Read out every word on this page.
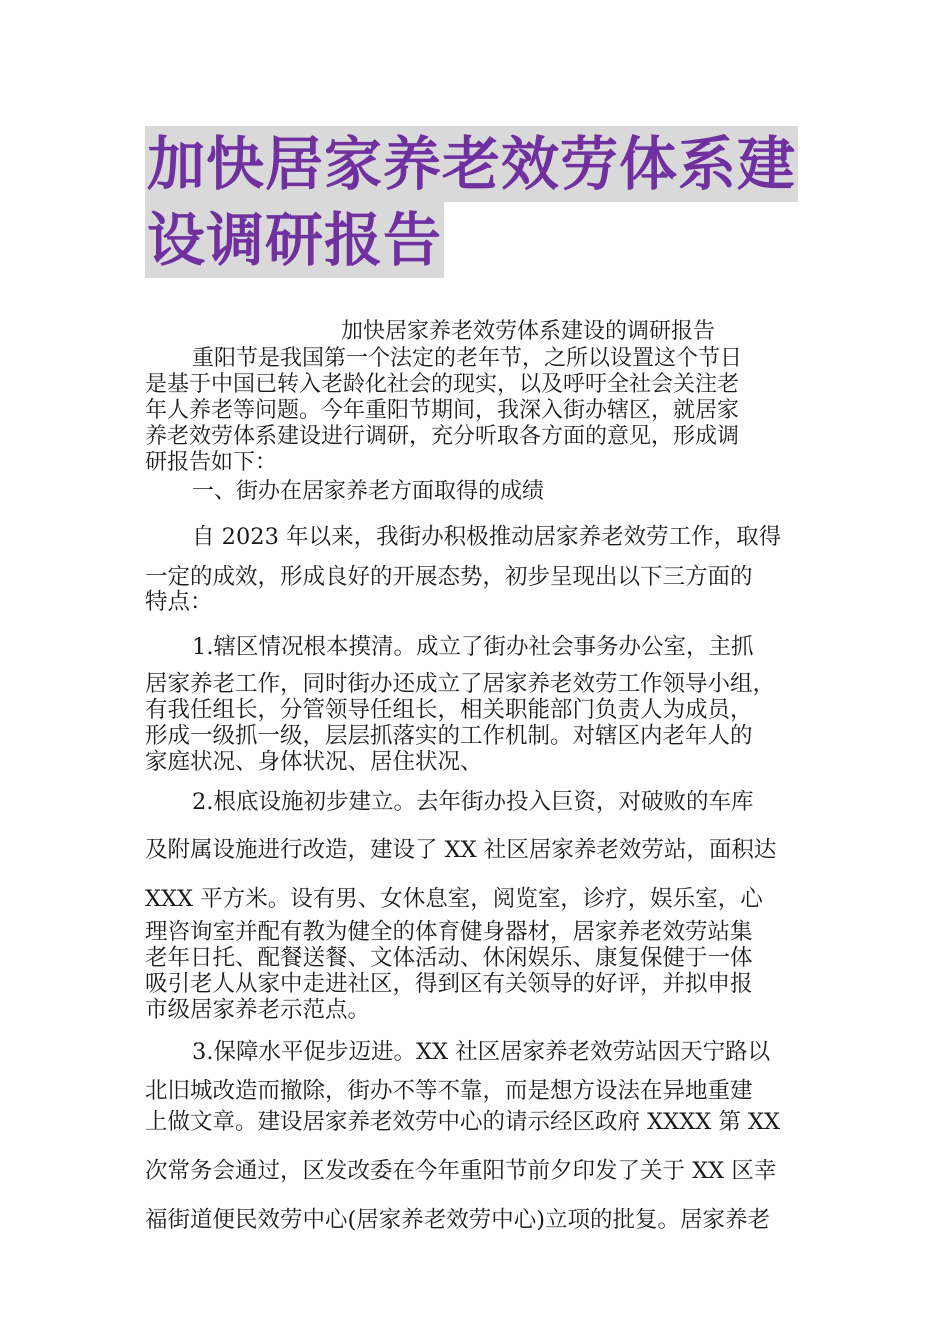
加快居家养老效劳体系建
设调研报告

加快居家养老效劳体系建设的调研报告

重阳节是我国第一个法定的老年节，之所以设置这个节日
是基于中国已转入老龄化社会的现实，以及呼吁全社会关注老
年人养老等问题。今年重阳节期间，我深入街办辖区，就居家
养老效劳体系建设进行调研，充分听取各方面的意见，形成调
研报告如下：

一、街办在居家养老方面取得的成绩

自 2023 年以来，我街办积极推动居家养老效劳工作，取得
一定的成效，形成良好的开展态势，初步呈现出以下三方面的
特点：

1.辖区情况根本摸清。成立了街办社会事务办公室，主抓
居家养老工作，同时街办还成立了居家养老效劳工作领导小组，
有我任组长，分管领导任组长，相关职能部门负责人为成员，
形成一级抓一级，层层抓落实的工作机制。对辖区内老年人的
家庭状况、身体状况、居住状况、

2.根底设施初步建立。去年街办投入巨资，对破败的车库
及附属设施进行改造，建设了 XX 社区居家养老效劳站，面积达
XXX 平方米。设有男、女休息室，阅览室，诊疗，娱乐室，心
理咨询室并配有教为健全的体育健身器材，居家养老效劳站集
老年日托、配餐送餐、文体活动、休闲娱乐、康复保健于一体
吸引老人从家中走进社区，得到区有关领导的好评，并拟申报
市级居家养老示范点。

3.保障水平促步迈进。XX 社区居家养老效劳站因天宁路以
北旧城改造而撤除，街办不等不靠，而是想方设法在异地重建
上做文章。建设居家养老效劳中心的请示经区政府 XXXX 第 XX
次常务会通过，区发改委在今年重阳节前夕印发了关于 XX 区幸
福街道便民效劳中心(居家养老效劳中心)立项的批复。居家养老
